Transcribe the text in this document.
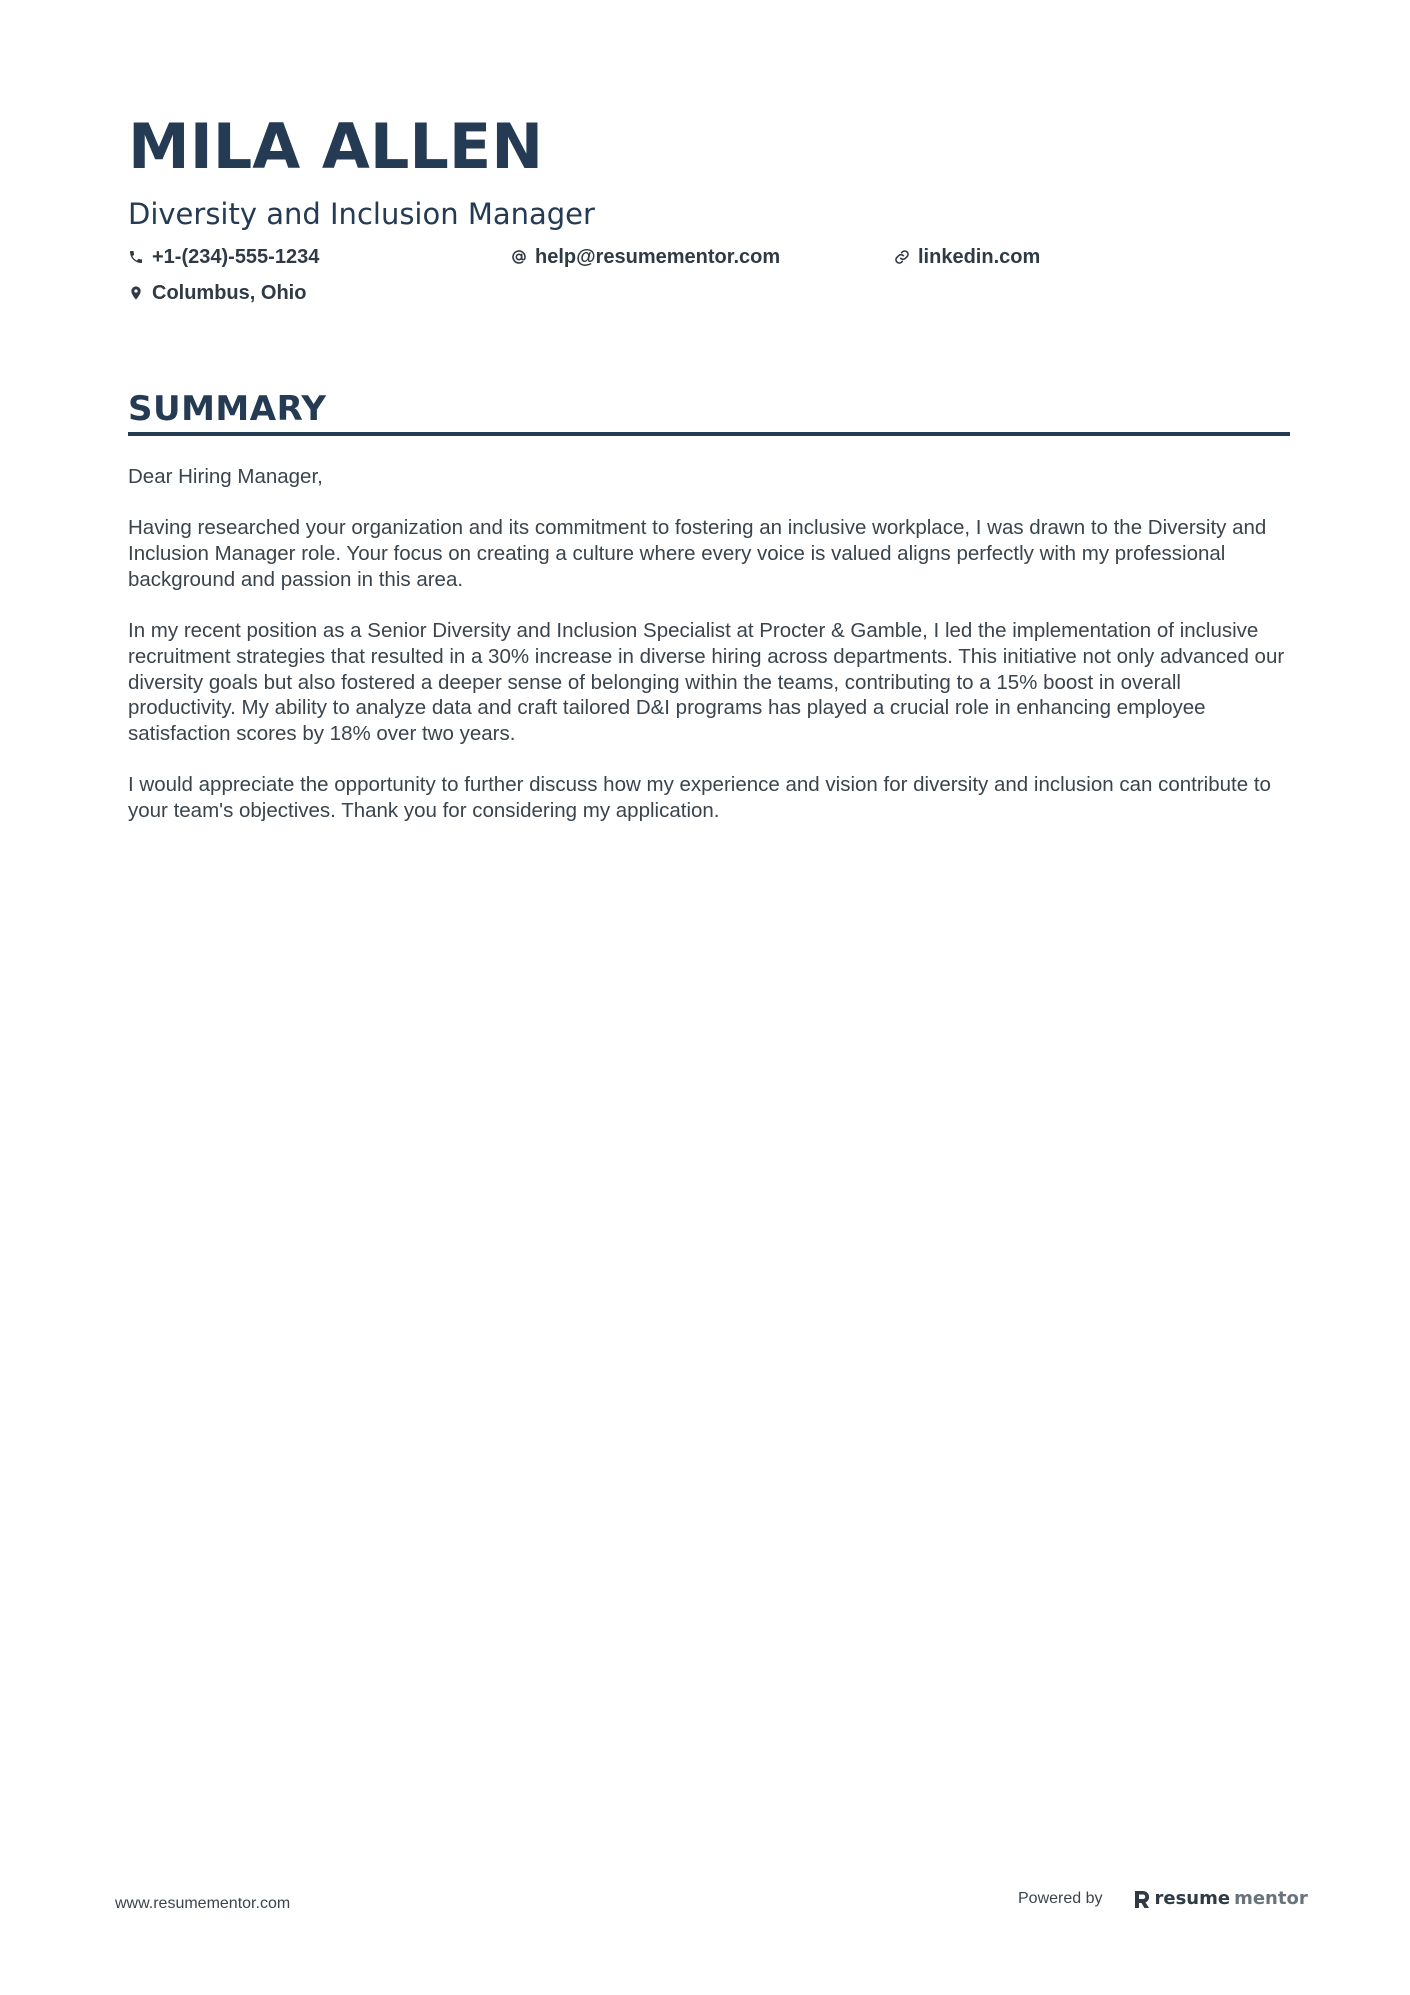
MILA ALLEN
Diversity and Inclusion Manager
+1-(234)-555-1234	help@resumementor.com	linkedin.com
Columbus, Ohio
SUMMARY

Dear Hiring Manager,

Having researched your organization and its commitment to fostering an inclusive workplace, I was drawn to the Diversity and Inclusion Manager role. Your focus on creating a culture where every voice is valued aligns perfectly with my professional background and passion in this area.

In my recent position as a Senior Diversity and Inclusion Specialist at Procter & Gamble, I led the implementation of inclusive recruitment strategies that resulted in a 30% increase in diverse hiring across departments. This initiative not only advanced our diversity goals but also fostered a deeper sense of belonging within the teams, contributing to a 15% boost in overall productivity. My ability to analyze data and craft tailored D&I programs has played a crucial role in enhancing employee satisfaction scores by 18% over two years.

I would appreciate the opportunity to further discuss how my experience and vision for diversity and inclusion can contribute to your team's objectives. Thank you for considering my application.

www.resumementor.com	Powered by	resume mentor
